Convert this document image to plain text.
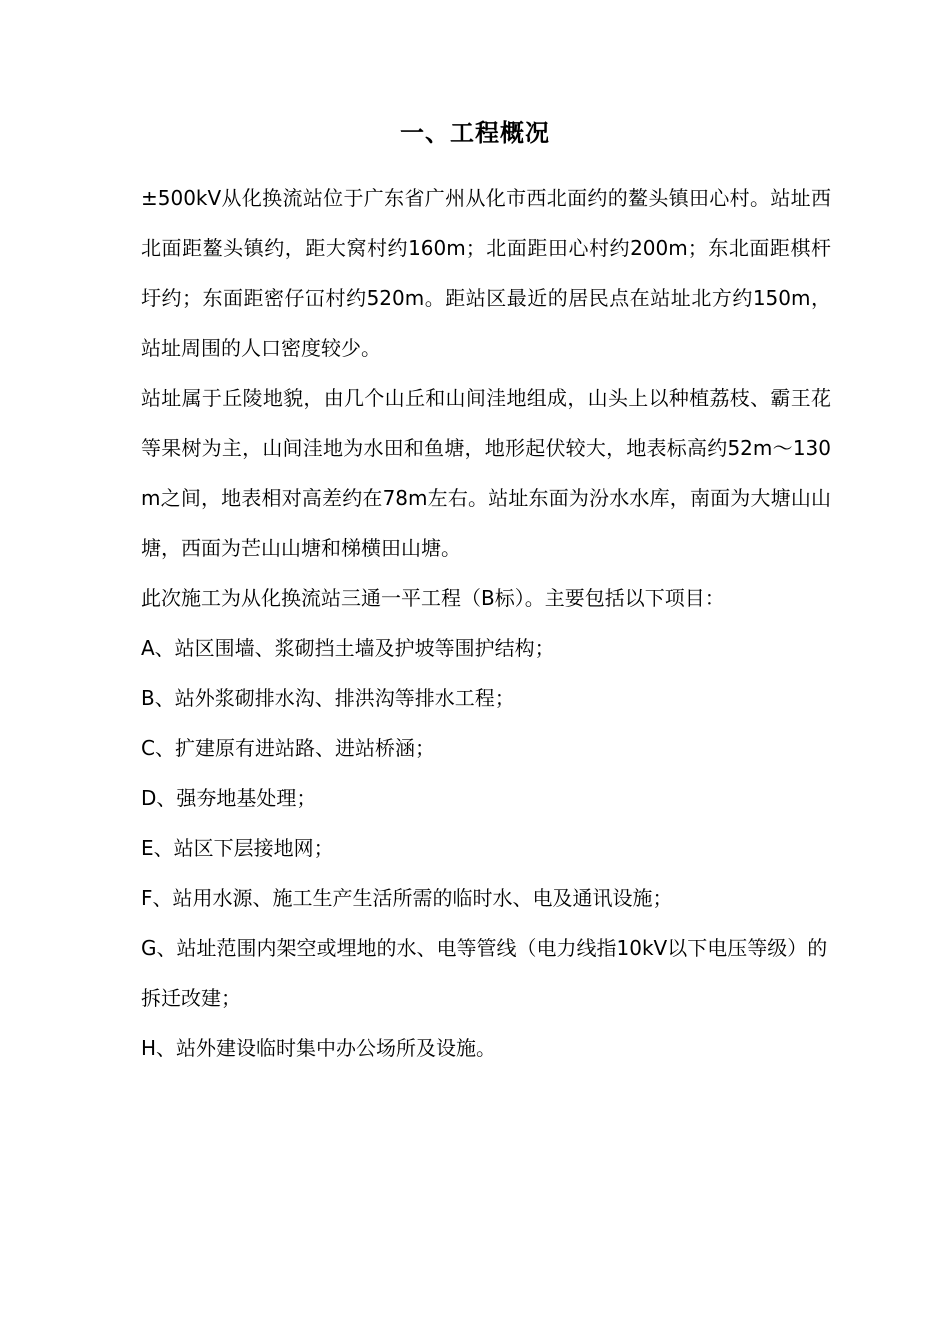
一、工程概况

±500kV从化换流站位于广东省广州从化市西北面约的鳌头镇田心村。站址西北面距鳌头镇约，距大窝村约160m；北面距田心村约200m；东北面距棋杆圩约；东面距密仔冚村约520m。距站区最近的居民点在站址北方约150m，站址周围的人口密度较少。

站址属于丘陵地貌，由几个山丘和山间洼地组成，山头上以种植荔枝、霸王花等果树为主，山间洼地为水田和鱼塘，地形起伏较大，地表标高约52m～130m之间，地表相对高差约在78m左右。站址东面为汾水水库，南面为大塘山山塘，西面为芒山山塘和梯横田山塘。

此次施工为从化换流站三通一平工程（B标）。主要包括以下项目：

A、站区围墙、浆砌挡土墙及护坡等围护结构；

B、站外浆砌排水沟、排洪沟等排水工程；

C、扩建原有进站路、进站桥涵；

D、强夯地基处理；

E、站区下层接地网；

F、站用水源、施工生产生活所需的临时水、电及通讯设施；

G、站址范围内架空或埋地的水、电等管线（电力线指10kV以下电压等级）的拆迁改建；

H、站外建设临时集中办公场所及设施。
